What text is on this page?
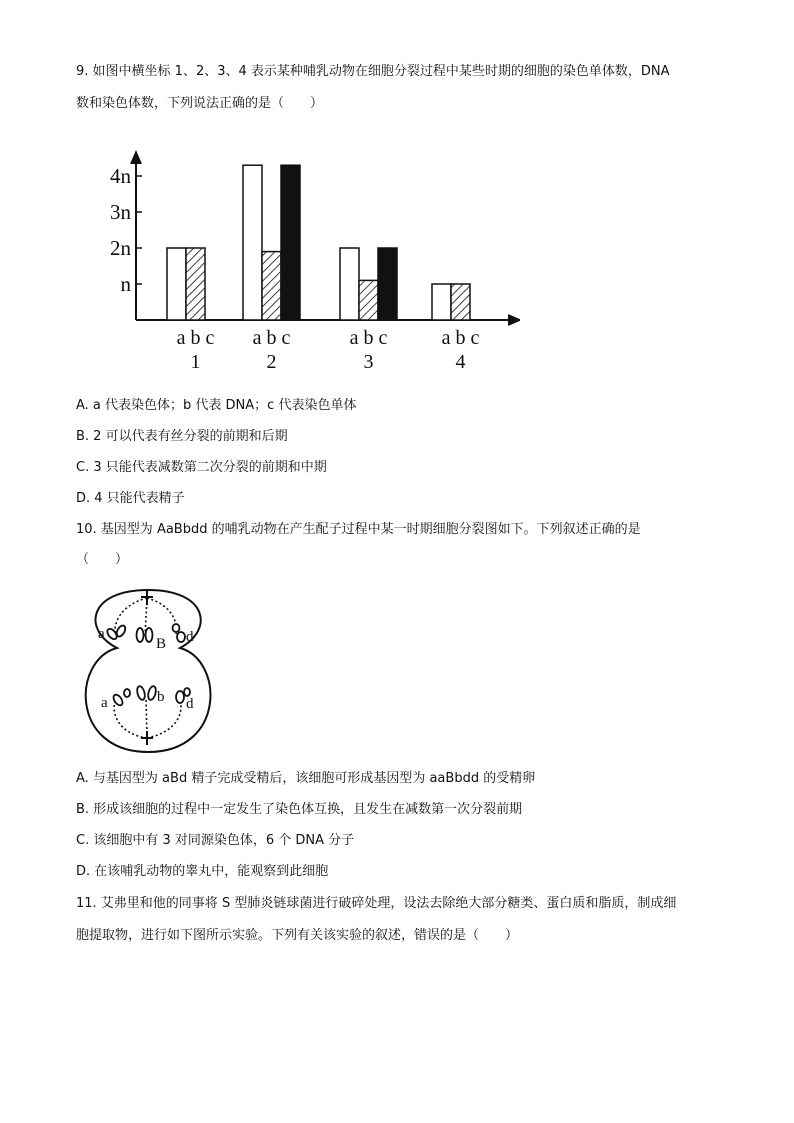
9. 如图中横坐标 1、2、3、4 表示某种哺乳动物在细胞分裂过程中某些时期的细胞的染色单体数，DNA
数和染色体数，下列说法正确的是（　　）
n
2n
3n
4n
a b c
1
a b c
2
a b c
3
a b c
4
A. a 代表染色体；b 代表 DNA；c 代表染色单体
B. 2 可以代表有丝分裂的前期和后期
C. 3 只能代表减数第二次分裂的前期和中期
D. 4 只能代表精子
10. 基因型为 AaBbdd 的哺乳动物在产生配子过程中某一时期细胞分裂图如下。下列叙述正确的是
（　　）
a
B d
a	b d
A. 与基因型为 aBd 精子完成受精后，该细胞可形成基因型为 aaBbdd 的受精卵
B. 形成该细胞的过程中一定发生了染色体互换，且发生在减数第一次分裂前期
C. 该细胞中有 3 对同源染色体，6 个 DNA 分子
D. 在该哺乳动物的睾丸中，能观察到此细胞
11. 艾弗里和他的同事将 S 型肺炎链球菌进行破碎处理，设法去除绝大部分糖类、蛋白质和脂质，制成细
胞提取物，进行如下图所示实验。下列有关该实验的叙述，错误的是（　　）
